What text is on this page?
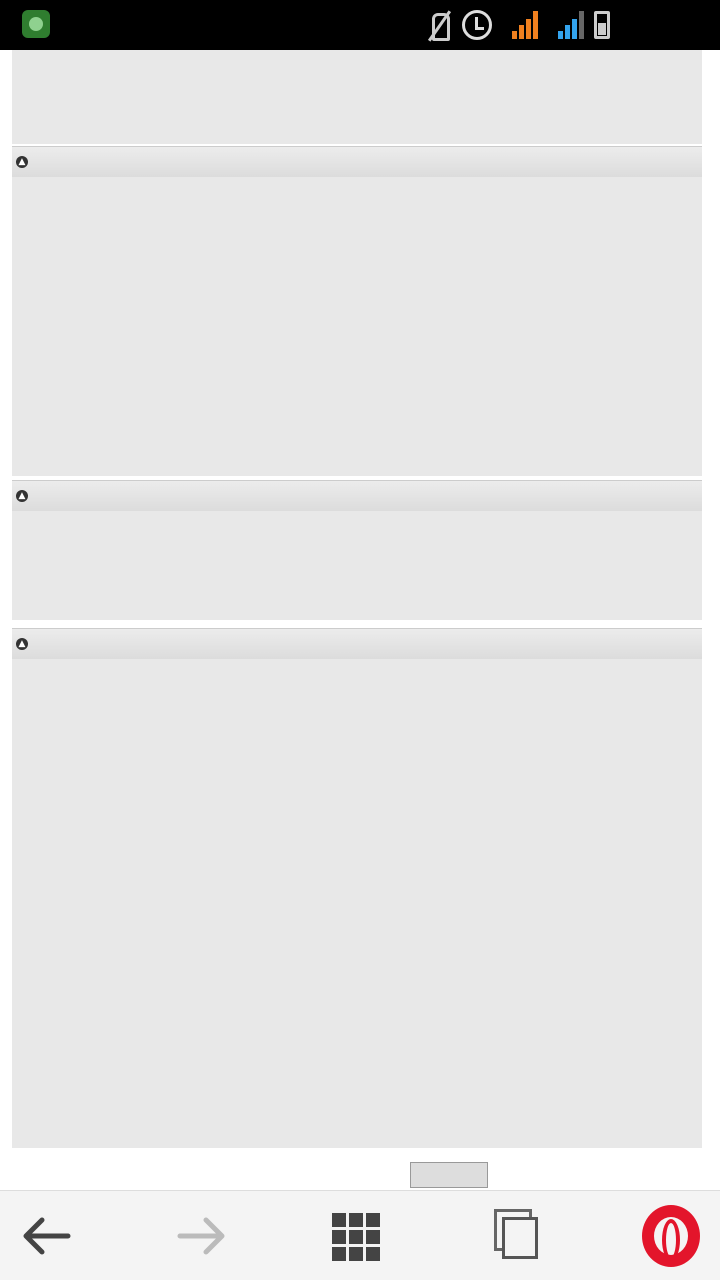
▲
▲
▲
